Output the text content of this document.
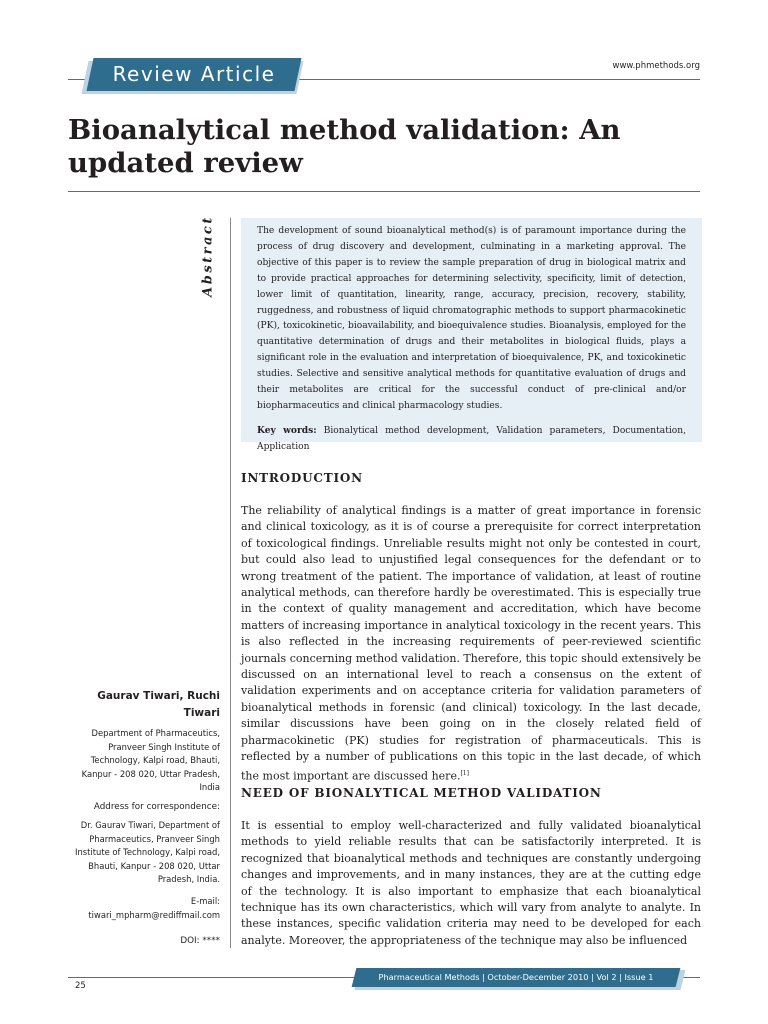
Review Article	www.phmethods.org
Bioanalytical method validation: An updated review
Abstract	The development of sound bioanalytical method(s) is of paramount importance during the process of drug discovery and development, culminating in a marketing approval. The objective of this paper is to review the sample preparation of drug in biological matrix and to provide practical approaches for determining selectivity, specificity, limit of detection, lower limit of quantitation, linearity, range, accuracy, precision, recovery, stability, ruggedness, and robustness of liquid chromatographic methods to support pharmacokinetic (PK), toxicokinetic, bioavailability, and bioequivalence studies. Bioanalysis, employed for the quantitative determination of drugs and their metabolites in biological fluids, plays a significant role in the evaluation and interpretation of bioequivalence, PK, and toxicokinetic studies. Selective and sensitive analytical methods for quantitative evaluation of drugs and their metabolites are critical for the successful conduct of pre-clinical and/or biopharmaceutics and clinical pharmacology studies.

Key words: Bionalytical method development, Validation parameters, Documentation, Application

INTRODUCTION

The reliability of analytical findings is a matter of great importance in forensic and clinical toxicology, as it is of course a prerequisite for correct interpretation of toxicological findings. Unreliable results might not only be contested in court, but could also lead to unjustified legal consequences for the defendant or to wrong treatment of the patient. The importance of validation, at least of routine analytical methods, can therefore hardly be overestimated. This is especially true in the context of quality management and accreditation, which have become matters of increasing importance in analytical toxicology in the recent years. This is also reflected in the increasing requirements of peer-reviewed scientific journals concerning method validation. Therefore, this topic should extensively be discussed on an international level to reach a consensus on the extent of validation experiments and on acceptance criteria for validation parameters of bioanalytical methods in forensic (and clinical) toxicology. In the last decade, similar discussions have been going on in the closely related field of pharmacokinetic (PK) studies for registration of pharmaceuticals. This is reflected by a number of publications on this topic in the last decade, of which the most important are discussed here.[1]

NEED OF BIONALYTICAL METHOD VALIDATION

It is essential to employ well-characterized and fully validated bioanalytical methods to yield reliable results that can be satisfactorily interpreted. It is recognized that bioanalytical methods and techniques are constantly undergoing changes and improvements, and in many instances, they are at the cutting edge of the technology. It is also important to emphasize that each bioanalytical technique has its own characteristics, which will vary from analyte to analyte. In these instances, specific validation criteria may need to be developed for each analyte. Moreover, the appropriateness of the technique may also be influenced

Gaurav Tiwari, Ruchi Tiwari

Department of Pharmaceutics, Pranveer Singh Institute of Technology, Kalpi road, Bhauti, Kanpur - 208 020, Uttar Pradesh, India

Address for correspondence:

Dr. Gaurav Tiwari, Department of Pharmaceutics, Pranveer Singh Institute of Technology, Kalpi road, Bhauti, Kanpur - 208 020, Uttar Pradesh, India.

E-mail: tiwari_mpharm@rediffmail.com

DOI: ****

Pharmaceutical Methods | October-December 2010 | Vol 2 | Issue 1
25
